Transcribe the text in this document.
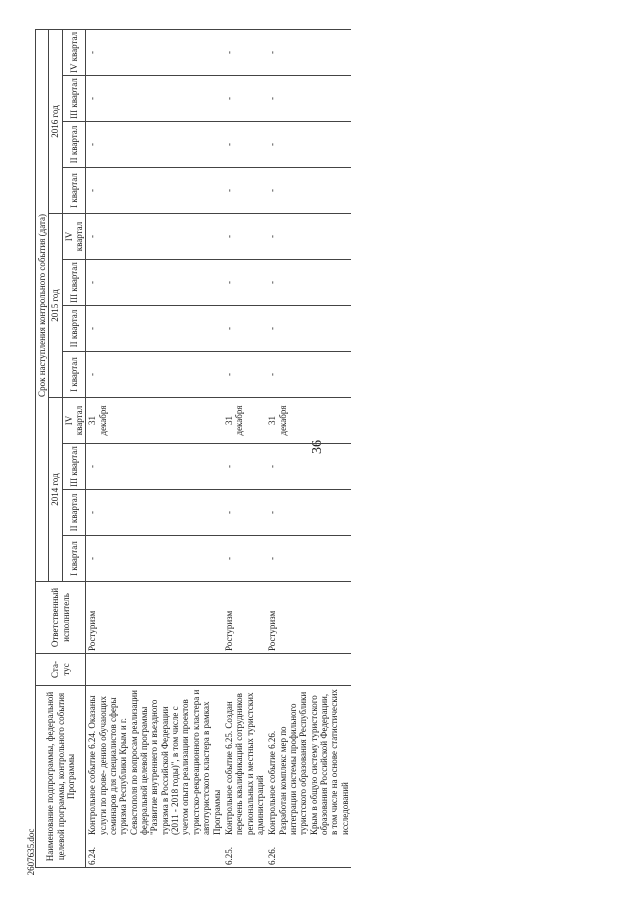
36
Наименование подпрограммы, федеральной целевой программы, контрольного события Программы	Ста- тус	Ответственный исполнитель	Срок наступления контрольного события (дата)											
			2014 год				2015 год				2016 год			
			I квартал	II квартал	III квартал	IV квартал	I квартал	II квартал	III квартал	IV квартал	I квартал	II квартал	III квартал	IV квартал
6.24.Контрольное событие 6.24. Оказаны услуги по прове- дению обучающих семинаров для специалистов сферы туризма Республики Крым и г. Севастополя по вопросам реализации федеральной целевой программы "Развитие внутреннего и въездного туризма в Российской Федерации (2011 - 2018 годы)", в том числе с учетом опыта реализации проектов туристско-рекреационного кластера и автотуристского кластера в рамках Программы		Ростуризм	-	-	-	31 декабря	-	-	-	-	-	-	-	-
6.25.Контрольное событие 6.25. Создан перечень квалификаций сотрудников региональных и местных туристских администраций		Ростуризм	-	-	-	31 декабря	-	-	-	-	-	-	-	-
6.26.Контрольное событие 6.26. Разработан комплекс мер по интеграции системы профильного туристского образования Республики Крым в общую систему туристского образования Российской Федерации, в том числе на основе статистических исследований		Ростуризм	-	-	-	31 декабря	-	-	-	-	-	-	-	-
2607635.doc
